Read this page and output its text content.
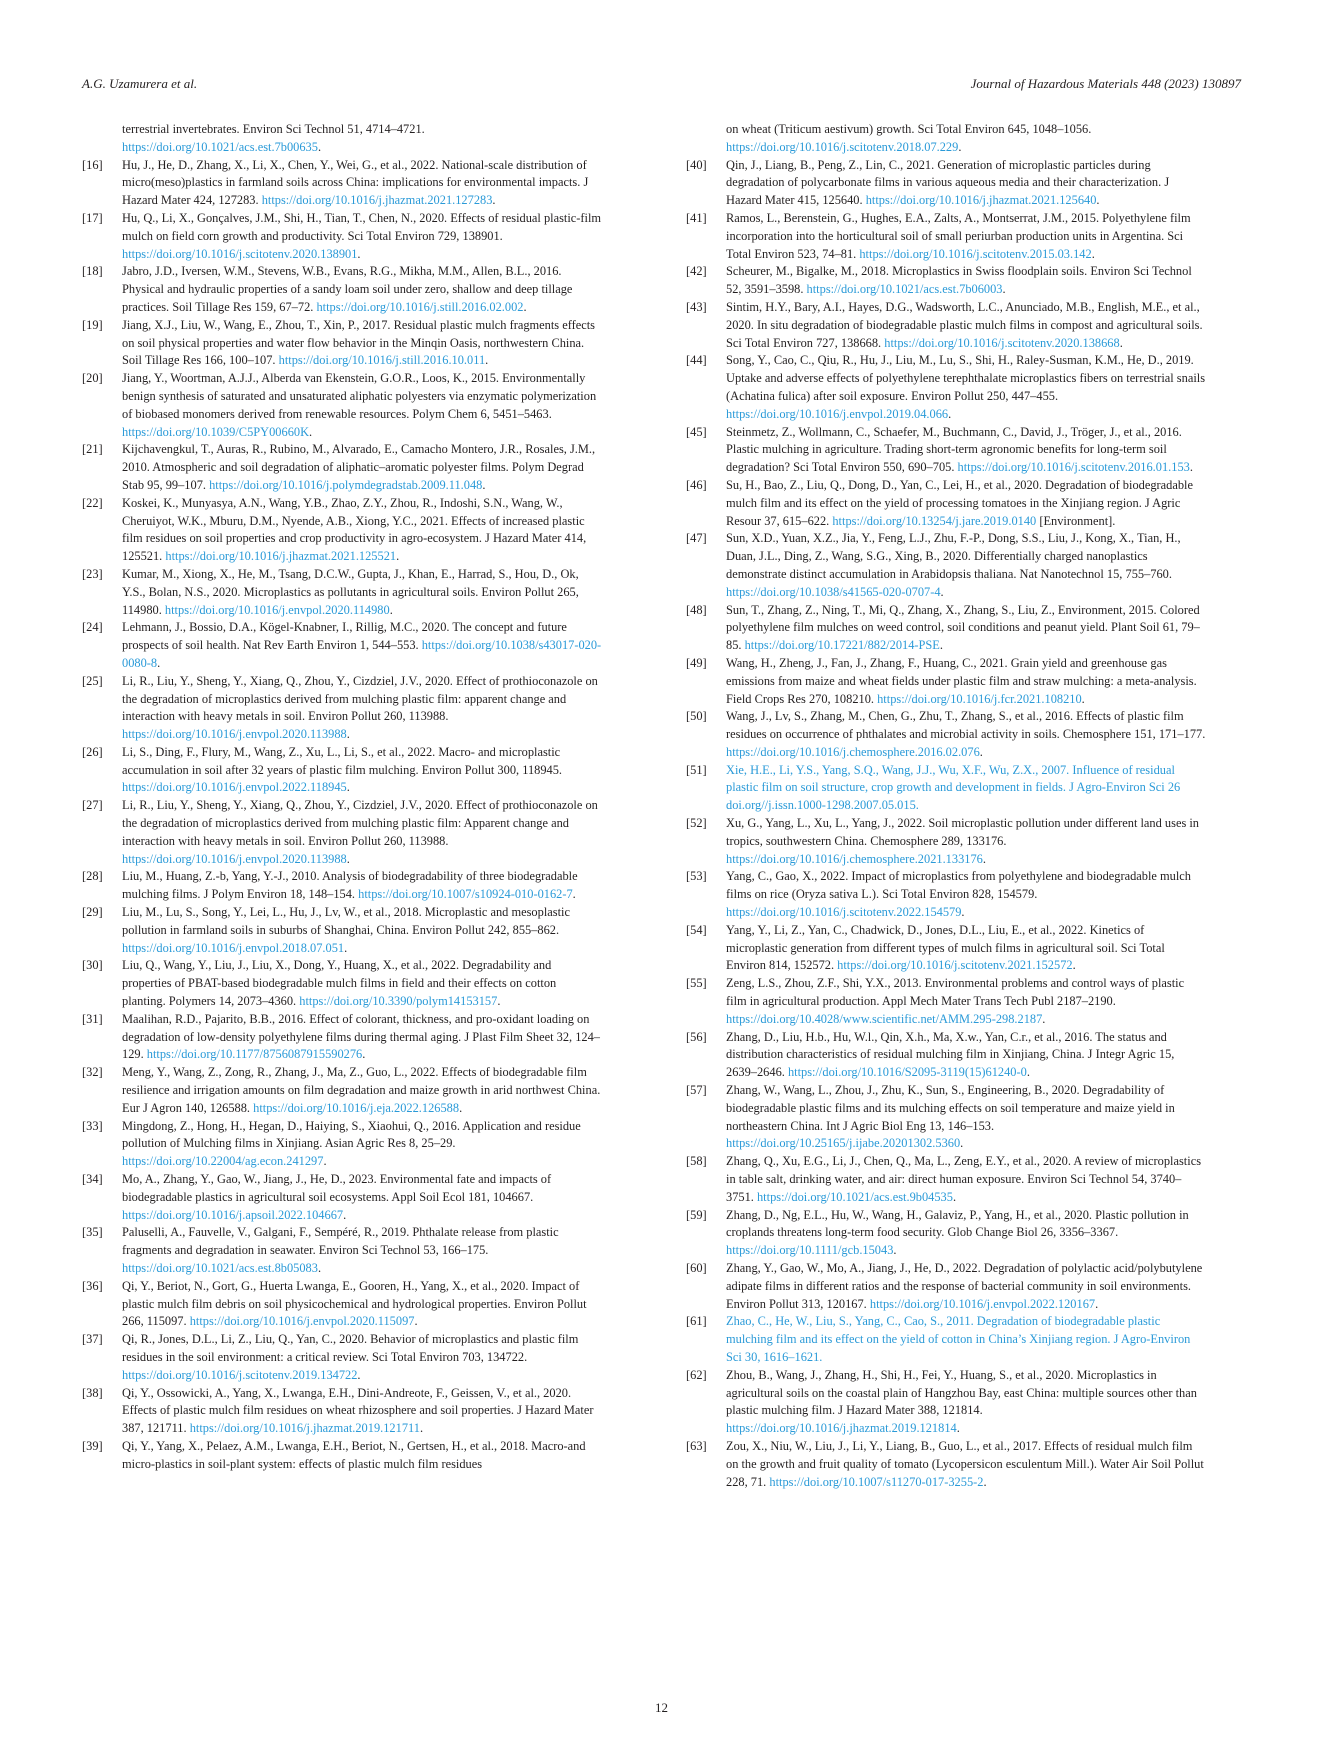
A.G. Uzamurera et al.	Journal of Hazardous Materials 448 (2023) 130897
terrestrial invertebrates. Environ Sci Technol 51, 4714–4721. https://doi.org/10.1021/acs.est.7b00635.
[16] Hu, J., He, D., Zhang, X., Li, X., Chen, Y., Wei, G., et al., 2022. National-scale distribution of micro(meso)plastics in farmland soils across China: implications for environmental impacts. J Hazard Mater 424, 127283. https://doi.org/10.1016/j.jhazmat.2021.127283.
[17] Hu, Q., Li, X., Gonçalves, J.M., Shi, H., Tian, T., Chen, N., 2020. Effects of residual plastic-film mulch on field corn growth and productivity. Sci Total Environ 729, 138901. https://doi.org/10.1016/j.scitotenv.2020.138901.
[18] Jabro, J.D., Iversen, W.M., Stevens, W.B., Evans, R.G., Mikha, M.M., Allen, B.L., 2016. Physical and hydraulic properties of a sandy loam soil under zero, shallow and deep tillage practices. Soil Tillage Res 159, 67–72. https://doi.org/10.1016/j.still.2016.02.002.
[19] Jiang, X.J., Liu, W., Wang, E., Zhou, T., Xin, P., 2017. Residual plastic mulch fragments effects on soil physical properties and water flow behavior in the Minqin Oasis, northwestern China. Soil Tillage Res 166, 100–107. https://doi.org/10.1016/j.still.2016.10.011.
[20] Jiang, Y., Woortman, A.J.J., Alberda van Ekenstein, G.O.R., Loos, K., 2015. Environmentally benign synthesis of saturated and unsaturated aliphatic polyesters via enzymatic polymerization of biobased monomers derived from renewable resources. Polym Chem 6, 5451–5463. https://doi.org/10.1039/C5PY00660K.
[21] Kijchavengkul, T., Auras, R., Rubino, M., Alvarado, E., Camacho Montero, J.R., Rosales, J.M., 2010. Atmospheric and soil degradation of aliphatic–aromatic polyester films. Polym Degrad Stab 95, 99–107. https://doi.org/10.1016/j.polymdegradstab.2009.11.048.
[22] Koskei, K., Munyasya, A.N., Wang, Y.B., Zhao, Z.Y., Zhou, R., Indoshi, S.N., Wang, W., Cheruiyot, W.K., Mburu, D.M., Nyende, A.B., Xiong, Y.C., 2021. Effects of increased plastic film residues on soil properties and crop productivity in agro-ecosystem. J Hazard Mater 414, 125521. https://doi.org/10.1016/j.jhazmat.2021.125521.
[23] Kumar, M., Xiong, X., He, M., Tsang, D.C.W., Gupta, J., Khan, E., Harrad, S., Hou, D., Ok, Y.S., Bolan, N.S., 2020. Microplastics as pollutants in agricultural soils. Environ Pollut 265, 114980. https://doi.org/10.1016/j.envpol.2020.114980.
[24] Lehmann, J., Bossio, D.A., Kögel-Knabner, I., Rillig, M.C., 2020. The concept and future prospects of soil health. Nat Rev Earth Environ 1, 544–553. https://doi.org/10.1038/s43017-020-0080-8.
[25] Li, R., Liu, Y., Sheng, Y., Xiang, Q., Zhou, Y., Cizdziel, J.V., 2020. Effect of prothioconazole on the degradation of microplastics derived from mulching plastic film: apparent change and interaction with heavy metals in soil. Environ Pollut 260, 113988. https://doi.org/10.1016/j.envpol.2020.113988.
[26] Li, S., Ding, F., Flury, M., Wang, Z., Xu, L., Li, S., et al., 2022. Macro- and microplastic accumulation in soil after 32 years of plastic film mulching. Environ Pollut 300, 118945. https://doi.org/10.1016/j.envpol.2022.118945.
[27] Li, R., Liu, Y., Sheng, Y., Xiang, Q., Zhou, Y., Cizdziel, J.V., 2020. Effect of prothioconazole on the degradation of microplastics derived from mulching plastic film: Apparent change and interaction with heavy metals in soil. Environ Pollut 260, 113988. https://doi.org/10.1016/j.envpol.2020.113988.
[28] Liu, M., Huang, Z.-b, Yang, Y.-J., 2010. Analysis of biodegradability of three biodegradable mulching films. J Polym Environ 18, 148–154. https://doi.org/10.1007/s10924-010-0162-7.
[29] Liu, M., Lu, S., Song, Y., Lei, L., Hu, J., Lv, W., et al., 2018. Microplastic and mesoplastic pollution in farmland soils in suburbs of Shanghai, China. Environ Pollut 242, 855–862. https://doi.org/10.1016/j.envpol.2018.07.051.
[30] Liu, Q., Wang, Y., Liu, J., Liu, X., Dong, Y., Huang, X., et al., 2022. Degradability and properties of PBAT-based biodegradable mulch films in field and their effects on cotton planting. Polymers 14, 2073–4360. https://doi.org/10.3390/polym14153157.
[31] Maalihan, R.D., Pajarito, B.B., 2016. Effect of colorant, thickness, and pro-oxidant loading on degradation of low-density polyethylene films during thermal aging. J Plast Film Sheet 32, 124–129. https://doi.org/10.1177/8756087915590276.
[32] Meng, Y., Wang, Z., Zong, R., Zhang, J., Ma, Z., Guo, L., 2022. Effects of biodegradable film resilience and irrigation amounts on film degradation and maize growth in arid northwest China. Eur J Agron 140, 126588. https://doi.org/10.1016/j.eja.2022.126588.
[33] Mingdong, Z., Hong, H., Hegan, D., Haiying, S., Xiaohui, Q., 2016. Application and residue pollution of Mulching films in Xinjiang. Asian Agric Res 8, 25–29. https://doi.org/10.22004/ag.econ.241297.
[34] Mo, A., Zhang, Y., Gao, W., Jiang, J., He, D., 2023. Environmental fate and impacts of biodegradable plastics in agricultural soil ecosystems. Appl Soil Ecol 181, 104667. https://doi.org/10.1016/j.apsoil.2022.104667.
[35] Paluselli, A., Fauvelle, V., Galgani, F., Sempéré, R., 2019. Phthalate release from plastic fragments and degradation in seawater. Environ Sci Technol 53, 166–175. https://doi.org/10.1021/acs.est.8b05083.
[36] Qi, Y., Beriot, N., Gort, G., Huerta Lwanga, E., Gooren, H., Yang, X., et al., 2020. Impact of plastic mulch film debris on soil physicochemical and hydrological properties. Environ Pollut 266, 115097. https://doi.org/10.1016/j.envpol.2020.115097.
[37] Qi, R., Jones, D.L., Li, Z., Liu, Q., Yan, C., 2020. Behavior of microplastics and plastic film residues in the soil environment: a critical review. Sci Total Environ 703, 134722. https://doi.org/10.1016/j.scitotenv.2019.134722.
[38] Qi, Y., Ossowicki, A., Yang, X., Lwanga, E.H., Dini-Andreote, F., Geissen, V., et al., 2020. Effects of plastic mulch film residues on wheat rhizosphere and soil properties. J Hazard Mater 387, 121711. https://doi.org/10.1016/j.jhazmat.2019.121711.
[39] Qi, Y., Yang, X., Pelaez, A.M., Lwanga, E.H., Beriot, N., Gertsen, H., et al., 2018. Macro-and micro-plastics in soil-plant system: effects of plastic mulch film residues
on wheat (Triticum aestivum) growth. Sci Total Environ 645, 1048–1056. https://doi.org/10.1016/j.scitotenv.2018.07.229.
[40] Qin, J., Liang, B., Peng, Z., Lin, C., 2021. Generation of microplastic particles during degradation of polycarbonate films in various aqueous media and their characterization. J Hazard Mater 415, 125640. https://doi.org/10.1016/j.jhazmat.2021.125640.
[41] Ramos, L., Berenstein, G., Hughes, E.A., Zalts, A., Montserrat, J.M., 2015. Polyethylene film incorporation into the horticultural soil of small periurban production units in Argentina. Sci Total Environ 523, 74–81. https://doi.org/10.1016/j.scitotenv.2015.03.142.
[42] Scheurer, M., Bigalke, M., 2018. Microplastics in Swiss floodplain soils. Environ Sci Technol 52, 3591–3598. https://doi.org/10.1021/acs.est.7b06003.
[43] Sintim, H.Y., Bary, A.I., Hayes, D.G., Wadsworth, L.C., Anunciado, M.B., English, M.E., et al., 2020. In situ degradation of biodegradable plastic mulch films in compost and agricultural soils. Sci Total Environ 727, 138668. https://doi.org/10.1016/j.scitotenv.2020.138668.
[44] Song, Y., Cao, C., Qiu, R., Hu, J., Liu, M., Lu, S., Shi, H., Raley-Susman, K.M., He, D., 2019. Uptake and adverse effects of polyethylene terephthalate microplastics fibers on terrestrial snails (Achatina fulica) after soil exposure. Environ Pollut 250, 447–455. https://doi.org/10.1016/j.envpol.2019.04.066.
[45] Steinmetz, Z., Wollmann, C., Schaefer, M., Buchmann, C., David, J., Tröger, J., et al., 2016. Plastic mulching in agriculture. Trading short-term agronomic benefits for long-term soil degradation? Sci Total Environ 550, 690–705. https://doi.org/10.1016/j.scitotenv.2016.01.153.
[46] Su, H., Bao, Z., Liu, Q., Dong, D., Yan, C., Lei, H., et al., 2020. Degradation of biodegradable mulch film and its effect on the yield of processing tomatoes in the Xinjiang region. J Agric Resour 37, 615–622. https://doi.org/10.13254/j.jare.2019.0140 [Environment].
[47] Sun, X.D., Yuan, X.Z., Jia, Y., Feng, L.J., Zhu, F.-P., Dong, S.S., Liu, J., Kong, X., Tian, H., Duan, J.L., Ding, Z., Wang, S.G., Xing, B., 2020. Differentially charged nanoplastics demonstrate distinct accumulation in Arabidopsis thaliana. Nat Nanotechnol 15, 755–760. https://doi.org/10.1038/s41565-020-0707-4.
[48] Sun, T., Zhang, Z., Ning, T., Mi, Q., Zhang, X., Zhang, S., Liu, Z., Environment, 2015. Colored polyethylene film mulches on weed control, soil conditions and peanut yield. Plant Soil 61, 79–85. https://doi.org/10.17221/882/2014-PSE.
[49] Wang, H., Zheng, J., Fan, J., Zhang, F., Huang, C., 2021. Grain yield and greenhouse gas emissions from maize and wheat fields under plastic film and straw mulching: a meta-analysis. Field Crops Res 270, 108210. https://doi.org/10.1016/j.fcr.2021.108210.
[50] Wang, J., Lv, S., Zhang, M., Chen, G., Zhu, T., Zhang, S., et al., 2016. Effects of plastic film residues on occurrence of phthalates and microbial activity in soils. Chemosphere 151, 171–177. https://doi.org/10.1016/j.chemosphere.2016.02.076.
[51] Xie, H.E., Li, Y.S., Yang, S.Q., Wang, J.J., Wu, X.F., Wu, Z.X., 2007. Influence of residual plastic film on soil structure, crop growth and development in fields. J Agro-Environ Sci 26 doi.org//j.issn.1000-1298.2007.05.015.
[52] Xu, G., Yang, L., Xu, L., Yang, J., 2022. Soil microplastic pollution under different land uses in tropics, southwestern China. Chemosphere 289, 133176. https://doi.org/10.1016/j.chemosphere.2021.133176.
[53] Yang, C., Gao, X., 2022. Impact of microplastics from polyethylene and biodegradable mulch films on rice (Oryza sativa L.). Sci Total Environ 828, 154579. https://doi.org/10.1016/j.scitotenv.2022.154579.
[54] Yang, Y., Li, Z., Yan, C., Chadwick, D., Jones, D.L., Liu, E., et al., 2022. Kinetics of microplastic generation from different types of mulch films in agricultural soil. Sci Total Environ 814, 152572. https://doi.org/10.1016/j.scitotenv.2021.152572.
[55] Zeng, L.S., Zhou, Z.F., Shi, Y.X., 2013. Environmental problems and control ways of plastic film in agricultural production. Appl Mech Mater Trans Tech Publ 2187–2190. https://doi.org/10.4028/www.scientific.net/AMM.295-298.2187.
[56] Zhang, D., Liu, H.b., Hu, W.l., Qin, X.h., Ma, X.w., Yan, C.r., et al., 2016. The status and distribution characteristics of residual mulching film in Xinjiang, China. J Integr Agric 15, 2639–2646. https://doi.org/10.1016/S2095-3119(15)61240-0.
[57] Zhang, W., Wang, L., Zhou, J., Zhu, K., Sun, S., Engineering, B., 2020. Degradability of biodegradable plastic films and its mulching effects on soil temperature and maize yield in northeastern China. Int J Agric Biol Eng 13, 146–153. https://doi.org/10.25165/j.ijabe.20201302.5360.
[58] Zhang, Q., Xu, E.G., Li, J., Chen, Q., Ma, L., Zeng, E.Y., et al., 2020. A review of microplastics in table salt, drinking water, and air: direct human exposure. Environ Sci Technol 54, 3740–3751. https://doi.org/10.1021/acs.est.9b04535.
[59] Zhang, D., Ng, E.L., Hu, W., Wang, H., Galaviz, P., Yang, H., et al., 2020. Plastic pollution in croplands threatens long-term food security. Glob Change Biol 26, 3356–3367. https://doi.org/10.1111/gcb.15043.
[60] Zhang, Y., Gao, W., Mo, A., Jiang, J., He, D., 2022. Degradation of polylactic acid/polybutylene adipate films in different ratios and the response of bacterial community in soil environments. Environ Pollut 313, 120167. https://doi.org/10.1016/j.envpol.2022.120167.
[61] Zhao, C., He, W., Liu, S., Yang, C., Cao, S., 2011. Degradation of biodegradable plastic mulching film and its effect on the yield of cotton in China’s Xinjiang region. J Agro-Environ Sci 30, 1616–1621.
[62] Zhou, B., Wang, J., Zhang, H., Shi, H., Fei, Y., Huang, S., et al., 2020. Microplastics in agricultural soils on the coastal plain of Hangzhou Bay, east China: multiple sources other than plastic mulching film. J Hazard Mater 388, 121814. https://doi.org/10.1016/j.jhazmat.2019.121814.
[63] Zou, X., Niu, W., Liu, J., Li, Y., Liang, B., Guo, L., et al., 2017. Effects of residual mulch film on the growth and fruit quality of tomato (Lycopersicon esculentum Mill.). Water Air Soil Pollut 228, 71. https://doi.org/10.1007/s11270-017-3255-2.
12
